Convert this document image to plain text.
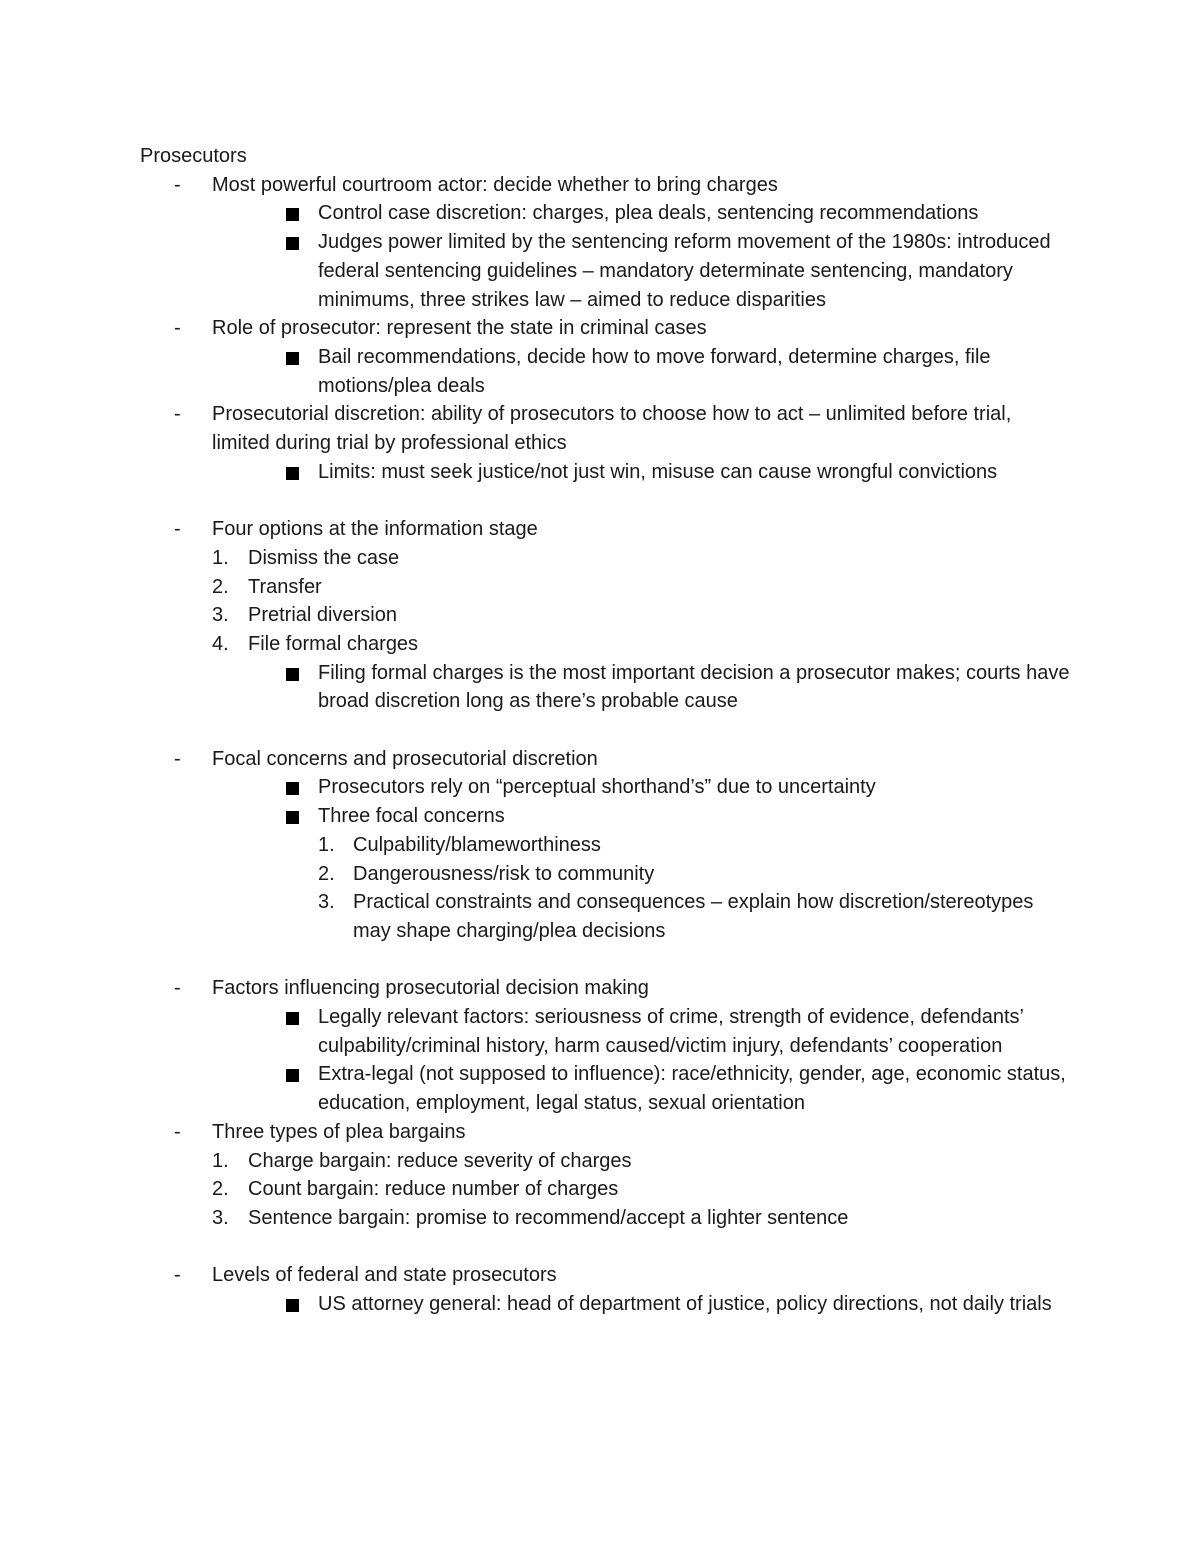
Prosecutors
- Most powerful courtroom actor: decide whether to bring charges
Control case discretion: charges, plea deals, sentencing recommendations
Judges power limited by the sentencing reform movement of the 1980s: introduced federal sentencing guidelines – mandatory determinate sentencing, mandatory minimums, three strikes law – aimed to reduce disparities
- Role of prosecutor: represent the state in criminal cases
Bail recommendations, decide how to move forward, determine charges, file motions/plea deals
- Prosecutorial discretion: ability of prosecutors to choose how to act – unlimited before trial, limited during trial by professional ethics
Limits: must seek justice/not just win, misuse can cause wrongful convictions
- Four options at the information stage
1. Dismiss the case
2. Transfer
3. Pretrial diversion
4. File formal charges
Filing formal charges is the most important decision a prosecutor makes; courts have broad discretion long as there’s probable cause
- Focal concerns and prosecutorial discretion
Prosecutors rely on “perceptual shorthand’s” due to uncertainty
Three focal concerns
1. Culpability/blameworthiness
2. Dangerousness/risk to community
3. Practical constraints and consequences – explain how discretion/stereotypes may shape charging/plea decisions
- Factors influencing prosecutorial decision making
Legally relevant factors: seriousness of crime, strength of evidence, defendants’ culpability/criminal history, harm caused/victim injury, defendants’ cooperation
Extra-legal (not supposed to influence): race/ethnicity, gender, age, economic status, education, employment, legal status, sexual orientation
- Three types of plea bargains
1. Charge bargain: reduce severity of charges
2. Count bargain: reduce number of charges
3. Sentence bargain: promise to recommend/accept a lighter sentence
- Levels of federal and state prosecutors
US attorney general: head of department of justice, policy directions, not daily trials
